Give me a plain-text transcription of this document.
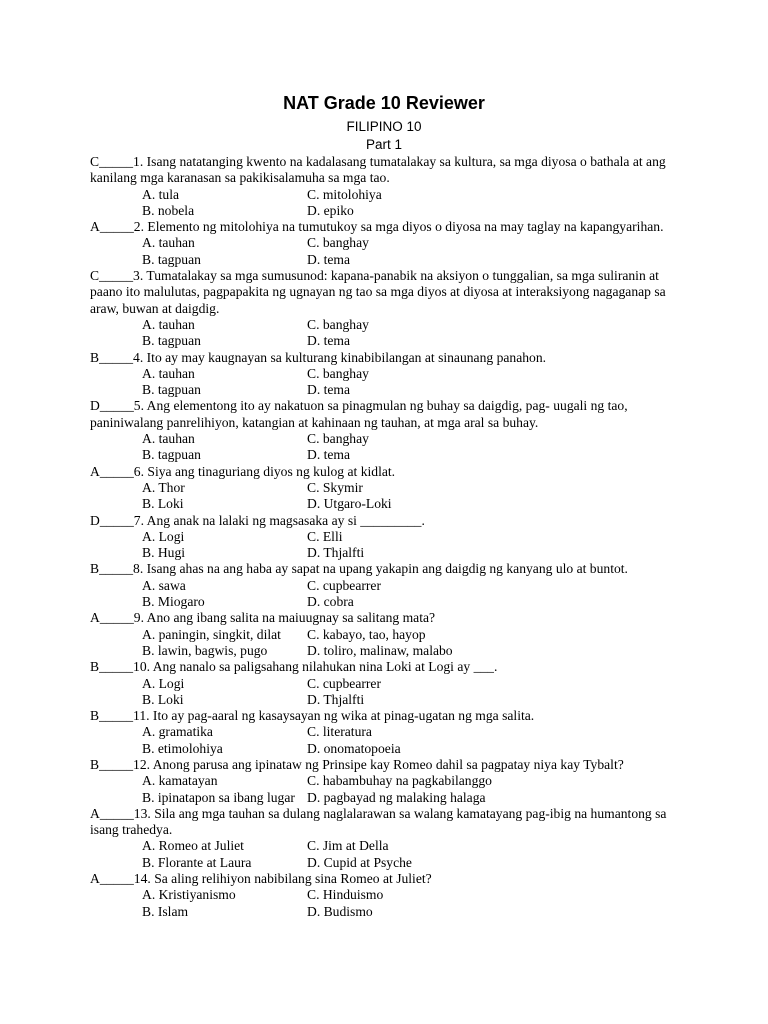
NAT Grade 10 Reviewer
FILIPINO 10
Part 1

C_____1. Isang natatanging kwento na kadalasang tumatalakay sa kultura, sa mga diyosa o bathala at ang kanilang mga karanasan sa pakikisalamuha sa mga tao.

A. tula	C. mitolohiya
B. nobela	D. epiko

A_____2. Elemento ng mitolohiya na tumutukoy sa mga diyos o diyosa na may taglay na kapangyarihan.

A. tauhan	C. banghay
B. tagpuan	D. tema

C_____3. Tumatalakay sa mga sumusunod: kapana-panabik na aksiyon o tunggalian, sa mga suliranin at paano ito malulutas, pagpapakita ng ugnayan ng tao sa mga diyos at diyosa at interaksiyong nagaganap sa araw, buwan at daigdig.

A. tauhan	C. banghay
B. tagpuan	D. tema

B_____4. Ito ay may kaugnayan sa kulturang kinabibilangan at sinaunang panahon.

A. tauhan	C. banghay
B. tagpuan	D. tema

D_____5. Ang elementong ito ay nakatuon sa pinagmulan ng buhay sa daigdig, pag- uugali ng tao, paniniwalang panrelihiyon, katangian at kahinaan ng tauhan, at mga aral sa buhay.

A. tauhan	C. banghay
B. tagpuan	D. tema

A_____6. Siya ang tinaguriang diyos ng kulog at kidlat.

A. Thor	C. Skymir
B. Loki	D. Utgaro-Loki

D_____7. Ang anak na lalaki ng magsasaka ay si _________.

A. Logi	C. Elli
B. Hugi	D. Thjalfti

B_____8. Isang ahas na ang haba ay sapat na upang yakapin ang daigdig ng kanyang ulo at buntot.

A. sawa	C. cupbearrer
B. Miogaro	D. cobra

A_____9. Ano ang ibang salita na maiuugnay sa salitang mata?

A. paningin, singkit, dilat	C. kabayo, tao, hayop
B. lawin, bagwis, pugo	D. toliro, malinaw, malabo

B_____10. Ang nanalo sa paligsahang nilahukan nina Loki at Logi ay ___.

A. Logi	C. cupbearrer
B. Loki	D. Thjalfti

B_____11. Ito ay pag-aaral ng kasaysayan ng wika at pinag-ugatan ng mga salita.

A. gramatika	C. literatura
B. etimolohiya	D. onomatopoeia

B_____12. Anong parusa ang ipinataw ng Prinsipe kay Romeo dahil sa pagpatay niya kay Tybalt?

A. kamatayan	C. habambuhay na pagkabilanggo
B. ipinatapon sa ibang lugar D. pagbayad ng malaking halaga

A_____13. Sila ang mga tauhan sa dulang naglalarawan sa walang kamatayang pag-ibig na humantong sa isang trahedya.

A. Romeo at Juliet	C. Jim at Della
B. Florante at Laura	D. Cupid at Psyche

A_____14. Sa aling relihiyon nabibilang sina Romeo at Juliet?

A. Kristiyanismo	C. Hinduismo
B. Islam	D. Budismo
